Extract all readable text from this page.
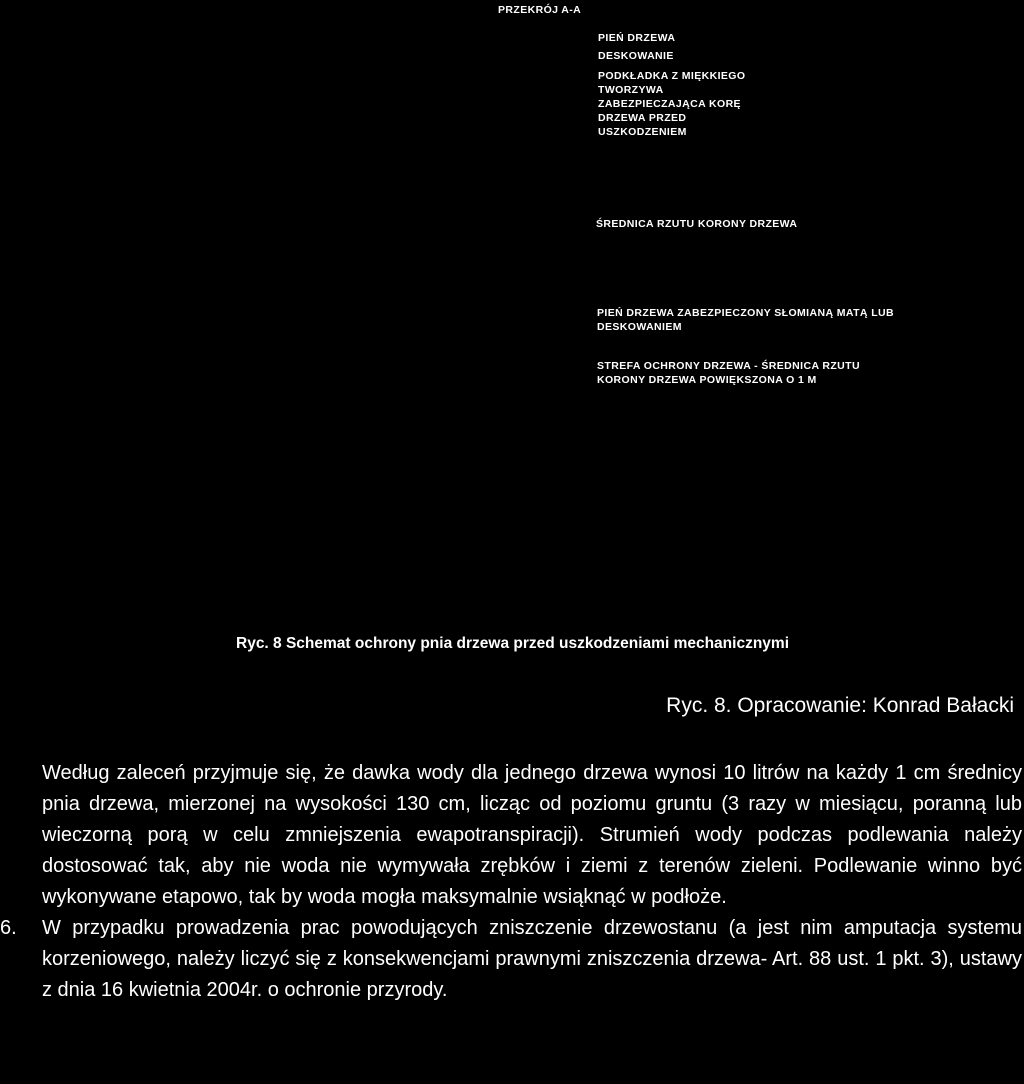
PRZEKRÓJ A-A
PIEŃ DRZEWA
DESKOWANIE
PODKŁADKA Z MIĘKKIEGO TWORZYWA ZABEZPIECZAJĄCA KORĘ DRZEWA PRZED USZKODZENIEM
ŚREDNICA RZUTU KORONY DRZEWA
PIEŃ DRZEWA ZABEZPIECZONY SŁOMIANĄ MATĄ LUB DESKOWANIEM
STREFA OCHRONY DRZEWA - ŚREDNICA RZUTU KORONY DRZEWA POWIĘKSZONA O 1 M
Ryc. 8 Schemat ochrony pnia drzewa przed uszkodzeniami mechanicznymi
Ryc. 8. Opracowanie: Konrad Bałacki
Według zaleceń przyjmuje się, że dawka wody dla jednego drzewa wynosi 10 litrów na każdy 1 cm średnicy pnia drzewa, mierzonej na wysokości 130 cm, licząc od poziomu gruntu (3 razy w miesiącu, poranną lub wieczorną porą w celu zmniejszenia ewapotranspiracji). Strumień wody podczas podlewania należy dostosować tak, aby nie woda nie wymywała zrębków i ziemi z terenów zieleni. Podlewanie winno być wykonywane etapowo, tak by woda mogła maksymalnie wsiąknąć w podłoże.
6.	W przypadku prowadzenia prac powodujących zniszczenie drzewostanu (a jest nim amputacja systemu korzeniowego, należy liczyć się z konsekwencjami prawnymi zniszczenia drzewa- Art. 88 ust. 1 pkt. 3), ustawy z dnia 16 kwietnia 2004r. o ochronie przyrody.
